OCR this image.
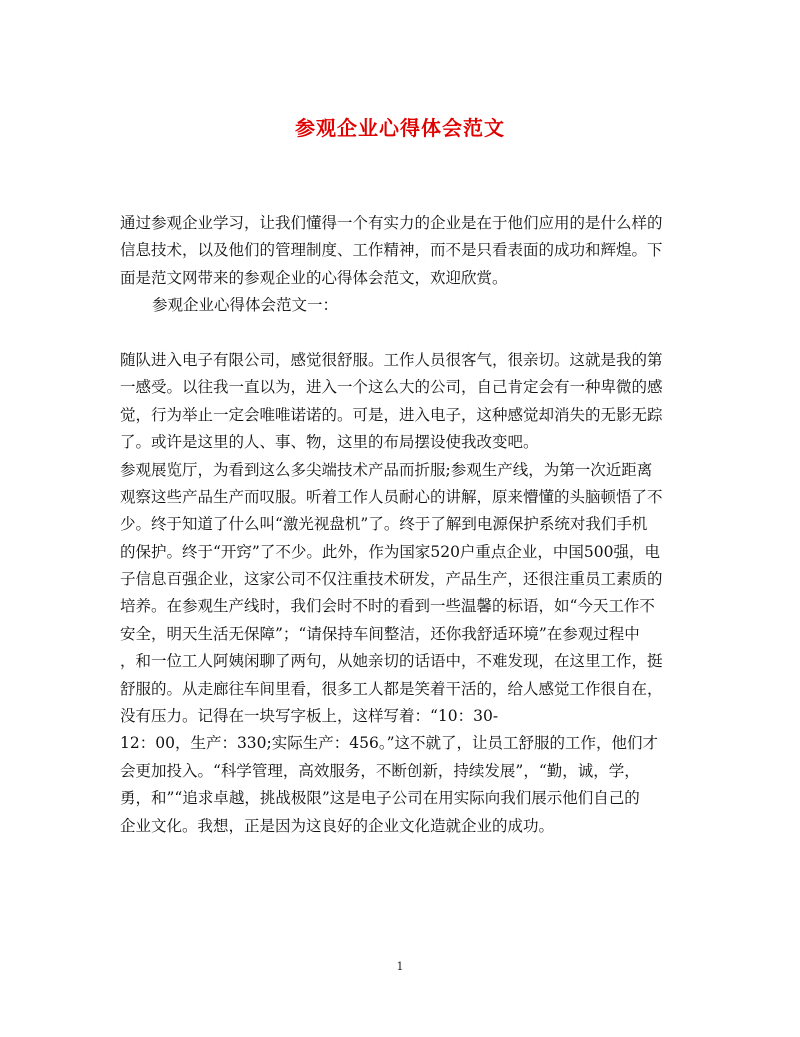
参观企业心得体会范文
通过参观企业学习，让我们懂得一个有实力的企业是在于他们应用的是什么样的
信息技术，以及他们的管理制度、工作精神，而不是只看表面的成功和辉煌。下
面是范文网带来的参观企业的心得体会范文，欢迎欣赏。
参观企业心得体会范文一：
随队进入电子有限公司，感觉很舒服。工作人员很客气，很亲切。这就是我的第
一感受。以往我一直以为，进入一个这么大的公司，自己肯定会有一种卑微的感
觉，行为举止一定会唯唯诺诺的。可是，进入电子，这种感觉却消失的无影无踪
了。或许是这里的人、事、物，这里的布局摆设使我改变吧。
参观展览厅，为看到这么多尖端技术产品而折服;参观生产线，为第一次近距离
观察这些产品生产而叹服。听着工作人员耐心的讲解，原来懵懂的头脑顿悟了不
少。终于知道了什么叫“激光视盘机”了。终于了解到电源保护系统对我们手机
的保护。终于“开窍”了不少。此外，作为国家520户重点企业，中国500强，电
子信息百强企业，这家公司不仅注重技术研发，产品生产，还很注重员工素质的
培养。在参观生产线时，我们会时不时的看到一些温馨的标语，如“今天工作不
安全，明天生活无保障”；“请保持车间整洁，还你我舒适环境”在参观过程中
，和一位工人阿姨闲聊了两句，从她亲切的话语中，不难发现，在这里工作，挺
舒服的。从走廊往车间里看，很多工人都是笑着干活的，给人感觉工作很自在，
没有压力。记得在一块写字板上，这样写着：“10：30-
12：00，生产：330;实际生产：456。”这不就了，让员工舒服的工作，他们才
会更加投入。“科学管理，高效服务，不断创新，持续发展”，“勤，诚，学，
勇，和”“追求卓越，挑战极限”这是电子公司在用实际向我们展示他们自己的
企业文化。我想，正是因为这良好的企业文化造就企业的成功。
1
